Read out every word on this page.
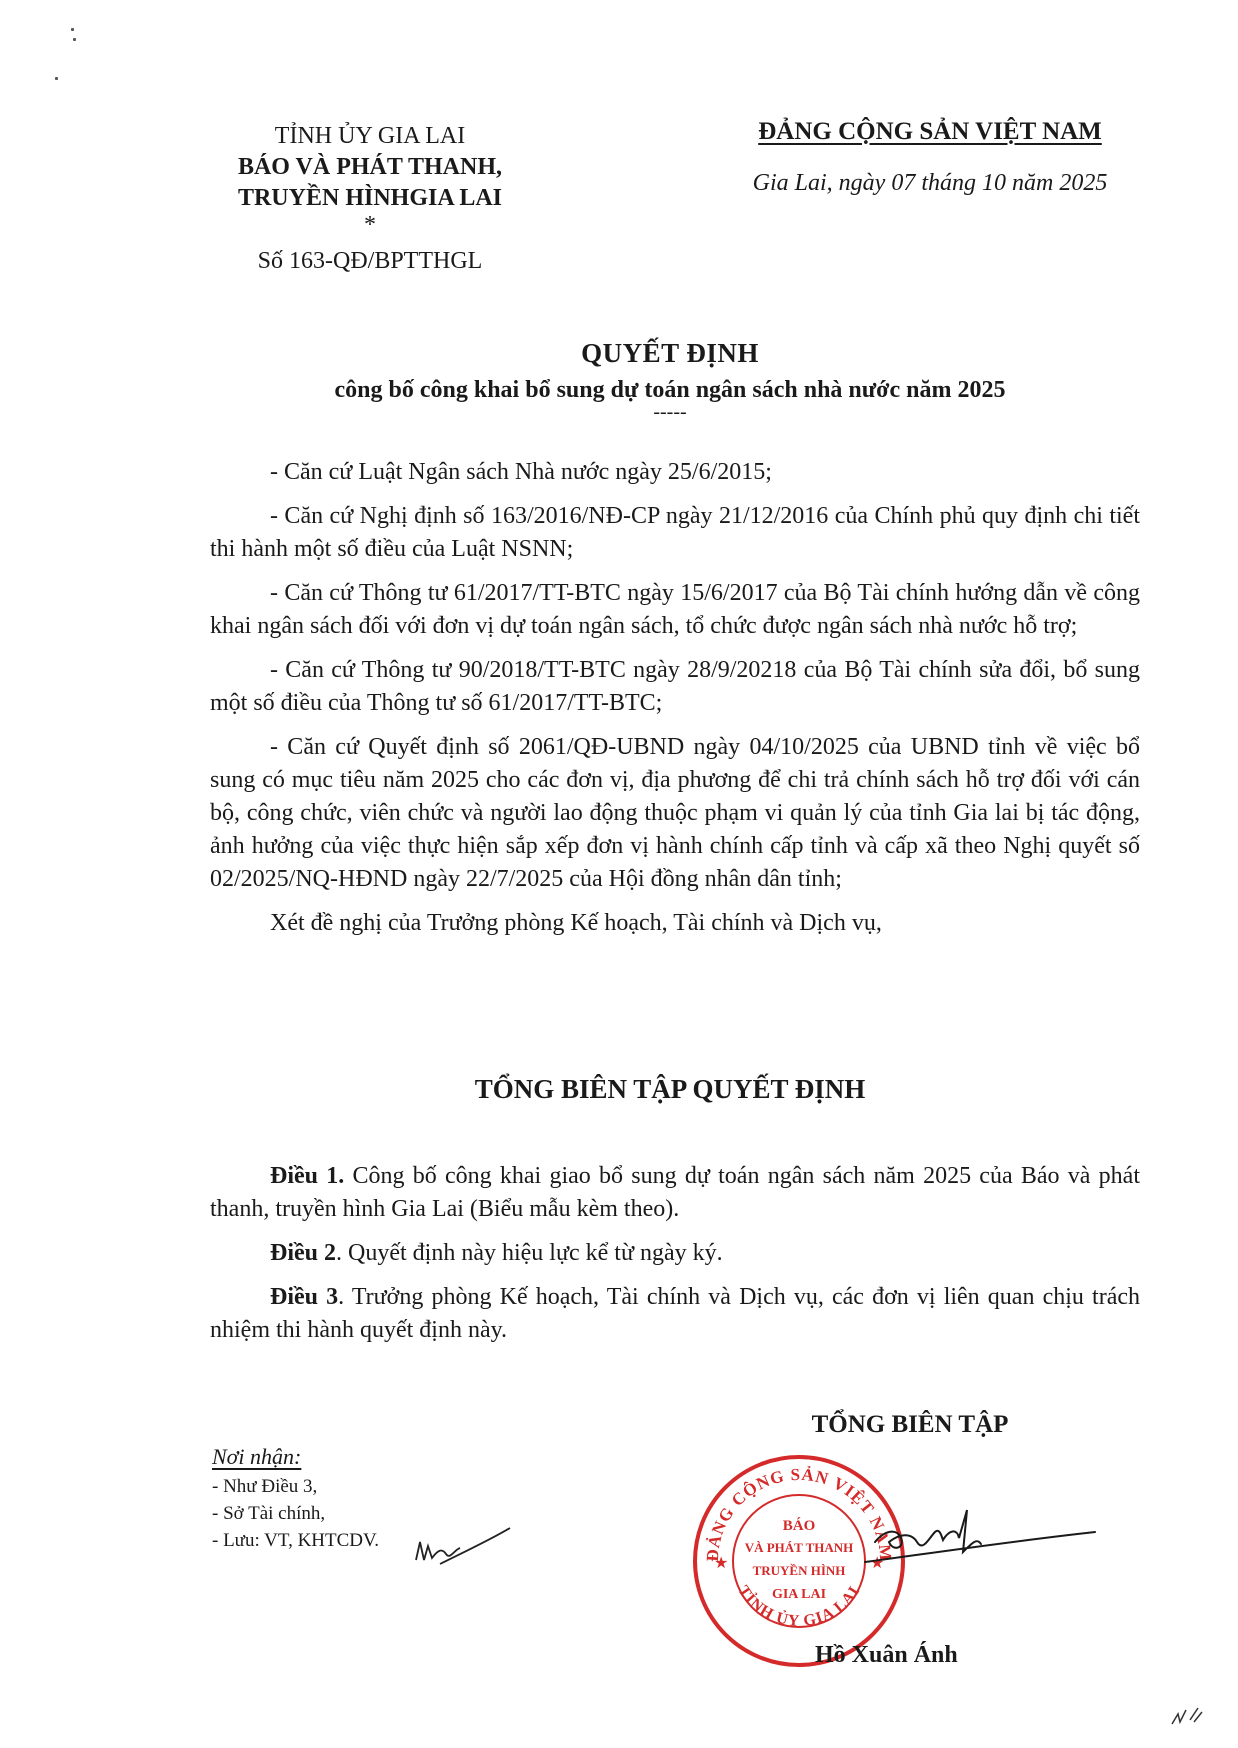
TỈNH ỦY GIA LAI
BÁO VÀ PHÁT THANH,
TRUYỀN HÌNHGIA LAI
*
Số 163-QĐ/BPTTHGL
ĐẢNG CỘNG SẢN VIỆT NAM
Gia Lai, ngày 07 tháng 10 năm 2025
QUYẾT ĐỊNH
công bố công khai bổ sung dự toán ngân sách nhà nước năm 2025
-----

- Căn cứ Luật Ngân sách Nhà nước ngày 25/6/2015;

- Căn cứ Nghị định số 163/2016/NĐ-CP ngày 21/12/2016 của Chính phủ quy định chi tiết thi hành một số điều của Luật NSNN;

- Căn cứ Thông tư 61/2017/TT-BTC ngày 15/6/2017 của Bộ Tài chính hướng dẫn về công khai ngân sách đối với đơn vị dự toán ngân sách, tổ chức được ngân sách nhà nước hỗ trợ;

- Căn cứ Thông tư 90/2018/TT-BTC ngày 28/9/20218 của Bộ Tài chính sửa đổi, bổ sung một số điều của Thông tư số 61/2017/TT-BTC;

- Căn cứ Quyết định số 2061/QĐ-UBND ngày 04/10/2025 của UBND tỉnh về việc bổ sung có mục tiêu năm 2025 cho các đơn vị, địa phương để chi trả chính sách hỗ trợ đối với cán bộ, công chức, viên chức và người lao động thuộc phạm vi quản lý của tỉnh Gia lai bị tác động, ảnh hưởng của việc thực hiện sắp xếp đơn vị hành chính cấp tỉnh và cấp xã theo Nghị quyết số 02/2025/NQ-HĐND ngày 22/7/2025 của Hội đồng nhân dân tỉnh;

Xét đề nghị của Trưởng phòng Kế hoạch, Tài chính và Dịch vụ,

TỔNG BIÊN TẬP QUYẾT ĐỊNH

Điều 1. Công bố công khai giao bổ sung dự toán ngân sách năm 2025 của Báo và phát thanh, truyền hình Gia Lai (Biểu mẫu kèm theo).

Điều 2. Quyết định này hiệu lực kể từ ngày ký.

Điều 3. Trưởng phòng Kế hoạch, Tài chính và Dịch vụ, các đơn vị liên quan chịu trách nhiệm thi hành quyết định này.

Nơi nhận:
- Như Điều 3,
- Sở Tài chính,
- Lưu: VT, KHTCDV.
TỔNG BIÊN TẬP
ĐẢNG CỘNG SẢN VIỆT NAM
TỈNH ỦY GIA LAI
★	★
BÁO
VÀ PHÁT THANH
TRUYỀN HÌNH
GIA LAI
Hồ Xuân Ánh
